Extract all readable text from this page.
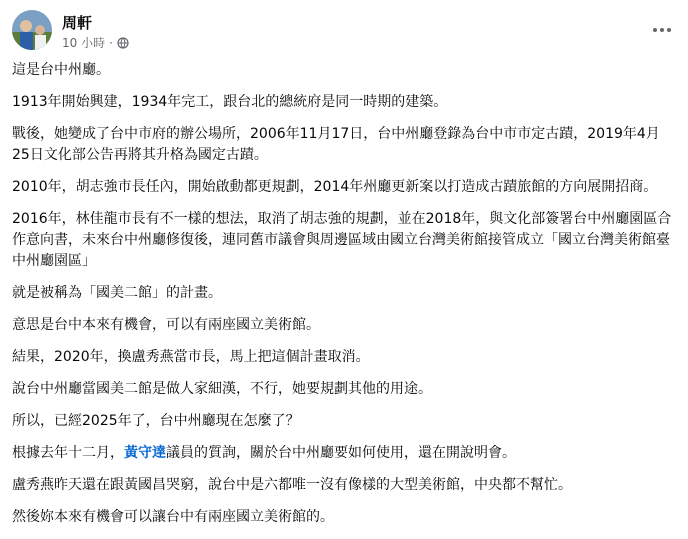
周軒
10 小時 ·

這是台中州廳。

1913年開始興建，1934年完工，跟台北的總統府是同一時期的建築。

戰後，她變成了台中市府的辦公場所，2006年11月17日，台中州廳登錄為台中市市定古蹟，2019年4月25日文化部公告再將其升格為國定古蹟。

2010年，胡志強市長任內，開始啟動都更規劃，2014年州廳更新案以打造成古蹟旅館的方向展開招商。

2016年，林佳龍市長有不一樣的想法，取消了胡志強的規劃，並在2018年，與文化部簽署台中州廳園區合作意向書，未來台中州廳修復後，連同舊市議會與周邊區域由國立台灣美術館接管成立「國立台灣美術館臺中州廳園區」

就是被稱為「國美二館」的計畫。

意思是台中本來有機會，可以有兩座國立美術館。

結果，2020年，換盧秀燕當市長，馬上把這個計畫取消。

說台中州廳當國美二館是做人家細漢，不行，她要規劃其他的用途。

所以，已經2025年了，台中州廳現在怎麼了？

根據去年十二月，黃守達議員的質詢，關於台中州廳要如何使用，還在開說明會。

盧秀燕昨天還在跟黃國昌哭窮，說台中是六都唯一沒有像樣的大型美術館，中央都不幫忙。

然後妳本來有機會可以讓台中有兩座國立美術館的。
